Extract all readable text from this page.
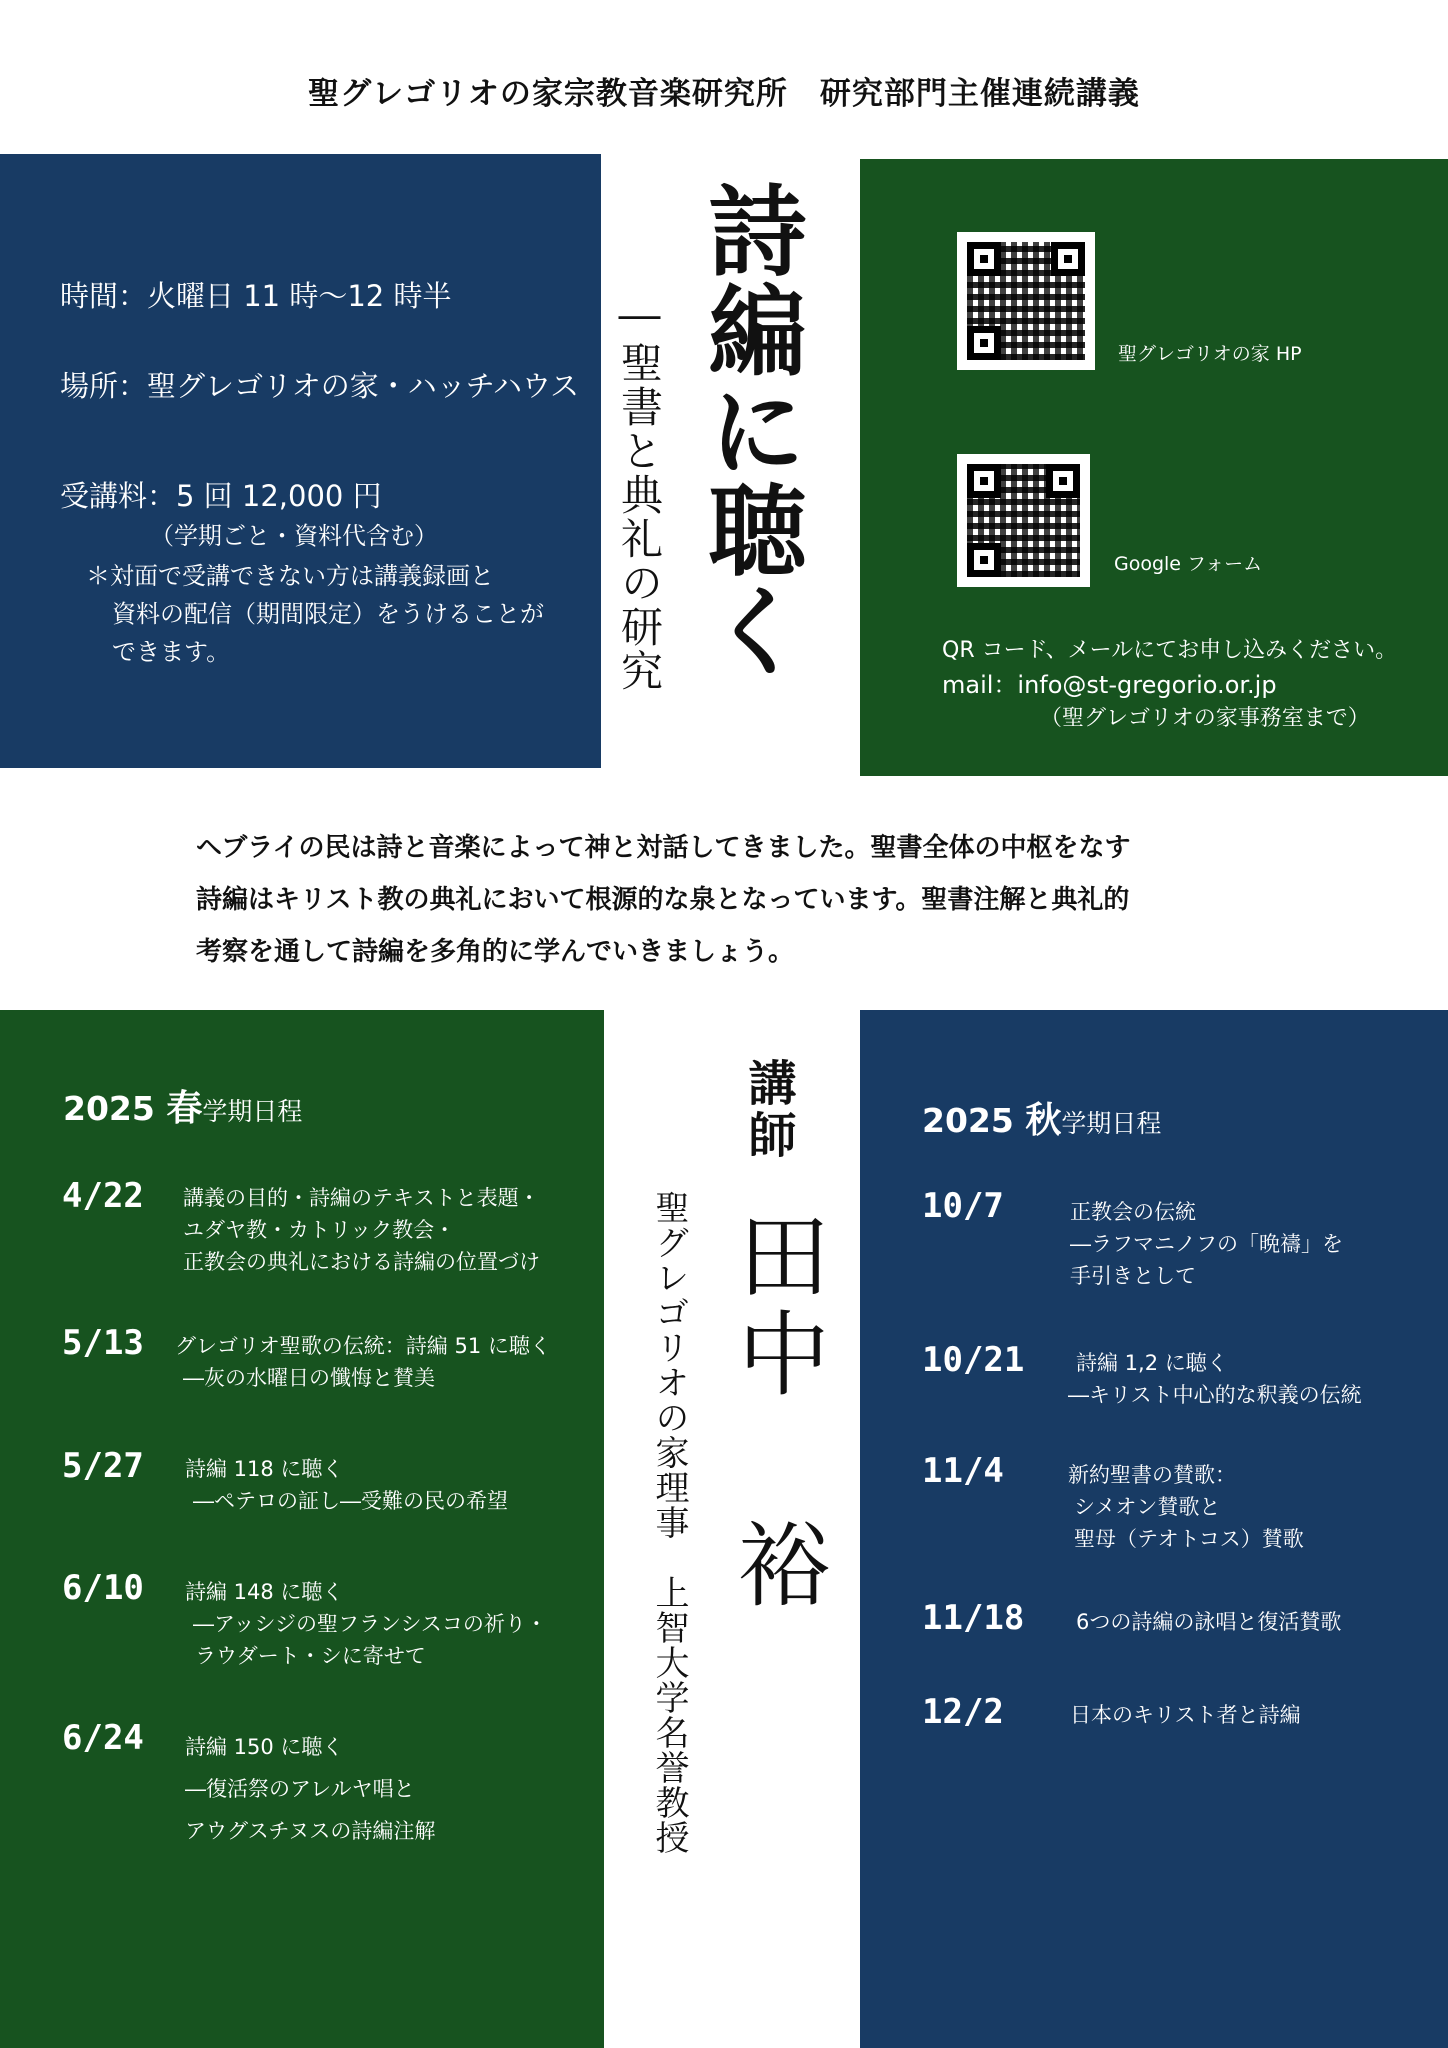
聖グレゴリオの家宗教音楽研究所　研究部門主催連続講義
時間：火曜日 11 時～12 時半
場所：聖グレゴリオの家・ハッチハウス
受講料：5 回 12,000 円
（学期ごと・資料代含む）
＊対面で受講できない方は講義録画と
資料の配信（期間限定）をうけることが
できます。	詩編に聴く
―聖書と典礼の研究	聖グレゴリオの家 HP
Google フォーム
QR コード、メールにてお申し込みください。
mail：info@st-gregorio.or.jp
（聖グレゴリオの家事務室まで）
ヘブライの民は詩と音楽によって神と対話してきました。聖書全体の中枢をなす
詩編はキリスト教の典礼において根源的な泉となっています。聖書注解と典礼的
考察を通して詩編を多角的に学んでいきましょう。
2025 春学期日程
4/22 講義の目的・詩編のテキストと表題・
ユダヤ教・カトリック教会・
正教会の典礼における詩編の位置づけ
5/13 グレゴリオ聖歌の伝統：詩編 51 に聴く
―灰の水曜日の懺悔と賛美
5/27 詩編 118 に聴く
―ペテロの証し―受難の民の希望
6/10 詩編 148 に聴く
―アッシジの聖フランシスコの祈り・
ラウダート・シに寄せて
6/24 詩編 150 に聴く
―復活祭のアレルヤ唱と
アウグスチヌスの詩編注解
講師
田中 裕
聖グレゴリオの家理事　上智大学名誉教授
2025 秋学期日程
10/7	正教会の伝統
―ラフマニノフの「晩禱」を
手引きとして
10/21 詩編 1,2 に聴く
―キリスト中心的な釈義の伝統
11/4	新約聖書の賛歌：
シメオン賛歌と
聖母（テオトコス）賛歌
11/18 6つの詩編の詠唱と復活賛歌
12/2	日本のキリスト者と詩編
